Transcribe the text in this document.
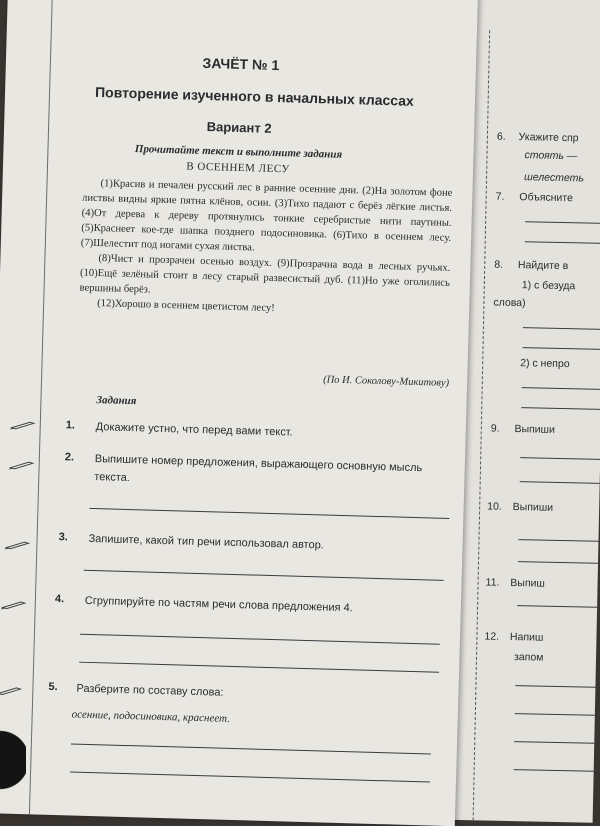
6. Укажите спр
стоять —
шелестеть
7. Объясните
8. Найдите в
1) с безуда
слова)
2) с непро
9. Выпиши
10. Выпиши
11. Выпиш
12. Напиш
запом
ЗАЧЁТ № 1
Повторение изученного в начальных классах
Вариант 2
Прочитайте текст и выполните задания
В ОСЕННЕМ ЛЕСУ

(1)Красив и печален русский лес в ранние осенние дни. (2)На золотом фоне листвы видны яркие пятна клёнов, осин. (3)Тихо падают с берёз лёгкие листья. (4)От дерева к дереву протянулись тонкие серебристые нити паутины. (5)Краснеет кое-где шапка позднего подосиновика. (6)Тихо в осеннем лесу. (7)Шелестит под ногами сухая листва.

(8)Чист и прозрачен осенью воздух. (9)Прозрачна вода в лесных ручьях. (10)Ещё зелёный стоит в лесу старый развесистый дуб. (11)Но уже оголились вершины берёз.

(12)Хорошо в осеннем цветистом лесу!

(По И. Соколову-Микитову)
Задания
1. Докажите устно, что перед вами текст.
2. Выпишите номер предложения, выражающего основную мысль текста.
3. Запишите, какой тип речи использовал автор.
4. Сгруппируйте по частям речи слова предложения 4.
5. Разберите по составу слова:
осенние, подосиновика, краснеет.
